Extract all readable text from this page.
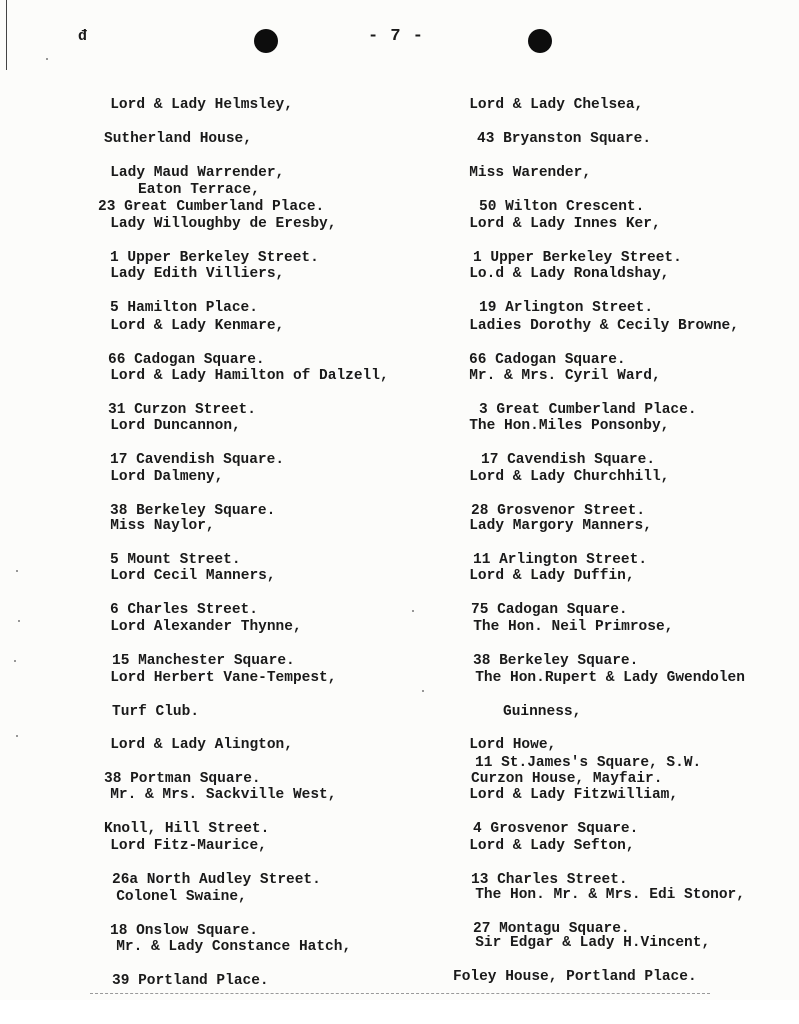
đ	- 7 -

Lord & Lady Helmsley,

Sutherland House,

Eaton Terrace,

Lady Maud Warrender,

23 Great Cumberland Place.

Lady Willoughby de Eresby,

1 Upper Berkeley Street.

Lady Edith Villiers,

5 Hamilton Place.

Lord & Lady Kenmare,

66 Cadogan Square.

Lord & Lady Hamilton of Dalzell,

31 Curzon Street.

Lord Duncannon,

17 Cavendish Square.

Lord Dalmeny,

38 Berkeley Square.

Miss Naylor,

5 Mount Street.

Lord Cecil Manners,

6 Charles Street.

Lord Alexander Thynne,

15 Manchester Square.

Lord Herbert Vane-Tempest,

Turf Club.

Lord & Lady Alington,

38 Portman Square.

Mr. & Mrs. Sackville West,

Knoll, Hill Street.

Lord Fitz-Maurice,

26a North Audley Street.

Colonel Swaine,

18 Onslow Square.

Mr. & Lady Constance Hatch,

39 Portland Place.

Lord & Lady Chelsea,

43 Bryanston Square.

Miss Warender,

50 Wilton Crescent.

Lord & Lady Innes Ker,

1 Upper Berkeley Street.

Lo.d & Lady Ronaldshay,

19 Arlington Street.

Ladies Dorothy & Cecily Browne,

66 Cadogan Square.

Mr. & Mrs. Cyril Ward,

3 Great Cumberland Place.

The Hon.Miles Ponsonby,

17 Cavendish Square.

Lord & Lady Churchhill,

28 Grosvenor Street.

Lady Margory Manners,

11 Arlington Street.

Lord & Lady Duffin,

75 Cadogan Square.

The Hon. Neil Primrose,

38 Berkeley Square.

The Hon.Rupert & Lady Gwendolen

Guinness,

11 St.James's Square, S.W.

Lord Howe,

Curzon House, Mayfair.

Lord & Lady Fitzwilliam,

4 Grosvenor Square.

Lord & Lady Sefton,

13 Charles Street.

The Hon. Mr. & Mrs. Edi Stonor,

27 Montagu Square.

Sir Edgar & Lady H.Vincent,

Foley House, Portland Place.
